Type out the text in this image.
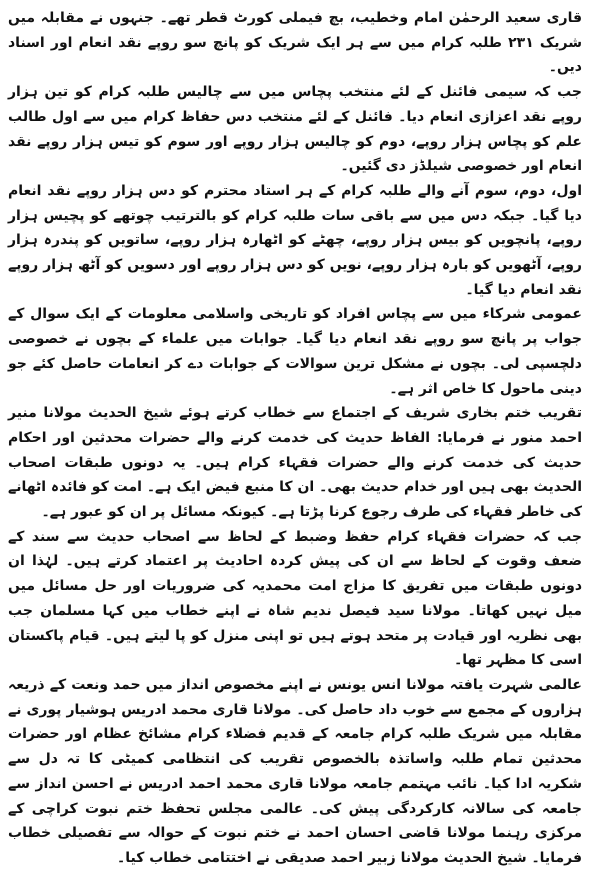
قاری سعید الرحمٰن امام وخطیب، بچ فیملی کورٹ قطر تھے۔ جنہوں نے مقابلہ میں شریک ۲۳۱ طلبہ کرام میں سے ہر ایک شریک کو پانچ سو روپے نقد انعام اور اسناد دیں۔

جب کہ سیمی فائنل کے لئے منتخب پچاس میں سے چالیس طلبہ کرام کو تین ہزار روپے نقد اعزازی انعام دیا۔ فائنل کے لئے منتخب دس حفاظ کرام میں سے اول طالب علم کو پچاس ہزار روپے، دوم کو چالیس ہزار روپے اور سوم کو تیس ہزار روپے نقد انعام اور خصوصی شیلڈز دی گئیں۔

اول، دوم، سوم آنے والے طلبہ کرام کے ہر استاد محترم کو دس ہزار روپے نقد انعام دیا گیا۔ جبکہ دس میں سے باقی سات طلبہ کرام کو بالترتیب چوتھے کو پچیس ہزار روپے، پانچویں کو بیس ہزار روپے، چھٹے کو اٹھارہ ہزار روپے، ساتویں کو پندرہ ہزار روپے، آٹھویں کو بارہ ہزار روپے، نویں کو دس ہزار روپے اور دسویں کو آٹھ ہزار روپے نقد انعام دیا گیا۔

عمومی شرکاء میں سے پچاس افراد کو تاریخی واسلامی معلومات کے ایک سوال کے جواب پر پانچ سو روپے نقد انعام دیا گیا۔ جوابات میں علماء کے بچوں نے خصوصی دلچسپی لی۔ بچوں نے مشکل ترین سوالات کے جوابات دے کر انعامات حاصل کئے جو دینی ماحول کا خاص اثر ہے۔

تقریب ختم بخاری شریف کے اجتماع سے خطاب کرتے ہوئے شیخ الحدیث مولانا منیر احمد منور نے فرمایا: الفاظ حدیث کی خدمت کرنے والے حضرات محدثین اور احکام حدیث کی خدمت کرنے والے حضرات فقہاء کرام ہیں۔ یہ دونوں طبقات اصحاب الحدیث بھی ہیں اور خدام حدیث بھی۔ ان کا منبع فیض ایک ہے۔ امت کو فائدہ اٹھانے کی خاطر فقہاء کی طرف رجوع کرنا پڑتا ہے۔ کیونکہ مسائل پر ان کو عبور ہے۔

جب کہ حضرات فقہاء کرام حفظ وضبط کے لحاظ سے اصحاب حدیث سے سند کے ضعف وقوت کے لحاظ سے ان کی پیش کردہ احادیث پر اعتماد کرتے ہیں۔ لہٰذا ان دونوں طبقات میں تفریق کا مزاج امت محمدیہ کی ضروریات اور حل مسائل میں میل نہیں کھاتا۔ مولانا سید فیصل ندیم شاہ نے اپنے خطاب میں کہا مسلمان جب بھی نظریہ اور قیادت پر متحد ہوتے ہیں تو اپنی منزل کو پا لیتے ہیں۔ قیام پاکستان اسی کا مظہر تھا۔

عالمی شہرت یافتہ مولانا انس یونس نے اپنے مخصوص انداز میں حمد ونعت کے ذریعہ ہزاروں کے مجمع سے خوب داد حاصل کی۔ مولانا قاری محمد ادریس ہوشیار پوری نے مقابلہ میں شریک طلبہ کرام جامعہ کے قدیم فضلاء کرام مشائخ عظام اور حضرات محدثین تمام طلبہ واساتذہ بالخصوص تقریب کی انتظامی کمیٹی کا تہ دل سے شکریہ ادا کیا۔ نائب مہتمم جامعہ مولانا قاری محمد احمد ادریس نے احسن انداز سے جامعہ کی سالانہ کارکردگی پیش کی۔ عالمی مجلس تحفظ ختم نبوت کراچی کے مرکزی رہنما مولانا قاضی احسان احمد نے ختم نبوت کے حوالہ سے تفصیلی خطاب فرمایا۔ شیخ الحدیث مولانا زبیر احمد صدیقی نے اختتامی خطاب کیا۔
